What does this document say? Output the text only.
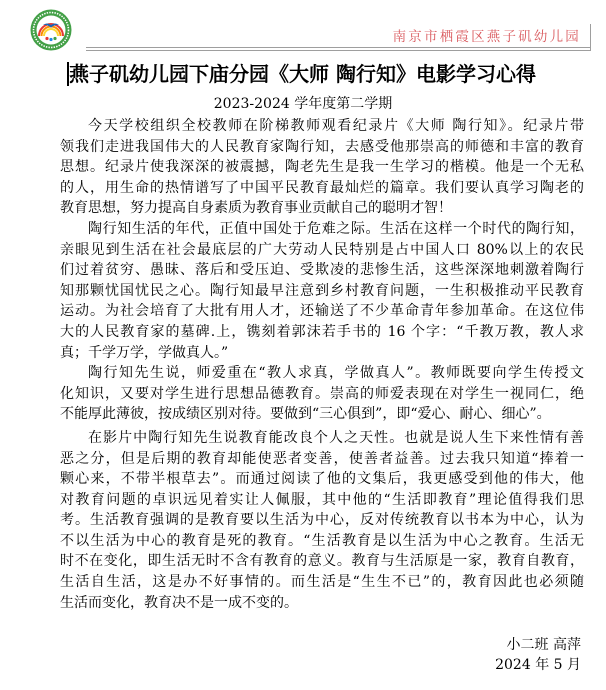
南京市栖霞区燕子矶幼儿园
燕子矶幼儿园下庙分园《大师 陶行知》电影学习心得
2023-2024 学年度第二学期
今天学校组织全校教师在阶梯教师观看纪录片《大师 陶行知》。纪录片带
领我们走进我国伟大的人民教育家陶行知，去感受他那崇高的师德和丰富的教育
思想。纪录片使我深深的被震撼，陶老先生是我一生学习的楷模。他是一个无私
的人，用生命的热情谱写了中国平民教育最灿烂的篇章。我们要认真学习陶老的
教育思想，努力提高自身素质为教育事业贡献自己的聪明才智！
陶行知生活的年代，正值中国处于危难之际。生活在这样一个时代的陶行知，
亲眼见到生活在社会最底层的广大劳动人民特别是占中国人口 80%以上的农民
们过着贫穷、愚昧、落后和受压迫、受欺凌的悲惨生活，这些深深地刺激着陶行
知那颗忧国忧民之心。陶行知最早注意到乡村教育问题，一生积极推动平民教育
运动。为社会培育了大批有用人才，还输送了不少革命青年参加革命。在这位伟
大的人民教育家的墓碑.上，镌刻着郭沫若手书的 16 个字：“千教万教，教人求
真；千学万学，学做真人。”
陶行知先生说，师爱重在“教人求真，学做真人”。教师既要向学生传授文
化知识，又要对学生进行思想品德教育。崇高的师爱表现在对学生一视同仁，绝
不能厚此薄彼，按成绩区别对待。要做到“三心俱到”，即“爱心、耐心、细心”。
在影片中陶行知先生说教育能改良个人之天性。也就是说人生下来性情有善
恶之分，但是后期的教育却能使恶者变善，使善者益善。过去我只知道“捧着一
颗心来，不带半根草去”。而通过阅读了他的文集后，我更感受到他的伟大，他
对教育问题的卓识远见着实让人佩服，其中他的“生活即教育”理论值得我们思
考。生活教育强调的是教育要以生活为中心，反对传统教育以书本为中心，认为
不以生活为中心的教育是死的教育。“生活教育是以生活为中心之教育。生活无
时不在变化，即生活无时不含有教育的意义。教育与生活原是一家，教育自教育，
生活自生活，这是办不好事情的。而生活是“生生不已”的，教育因此也必须随
生活而变化，教育决不是一成不变的。
小二班 高萍
2024 年 5 月
